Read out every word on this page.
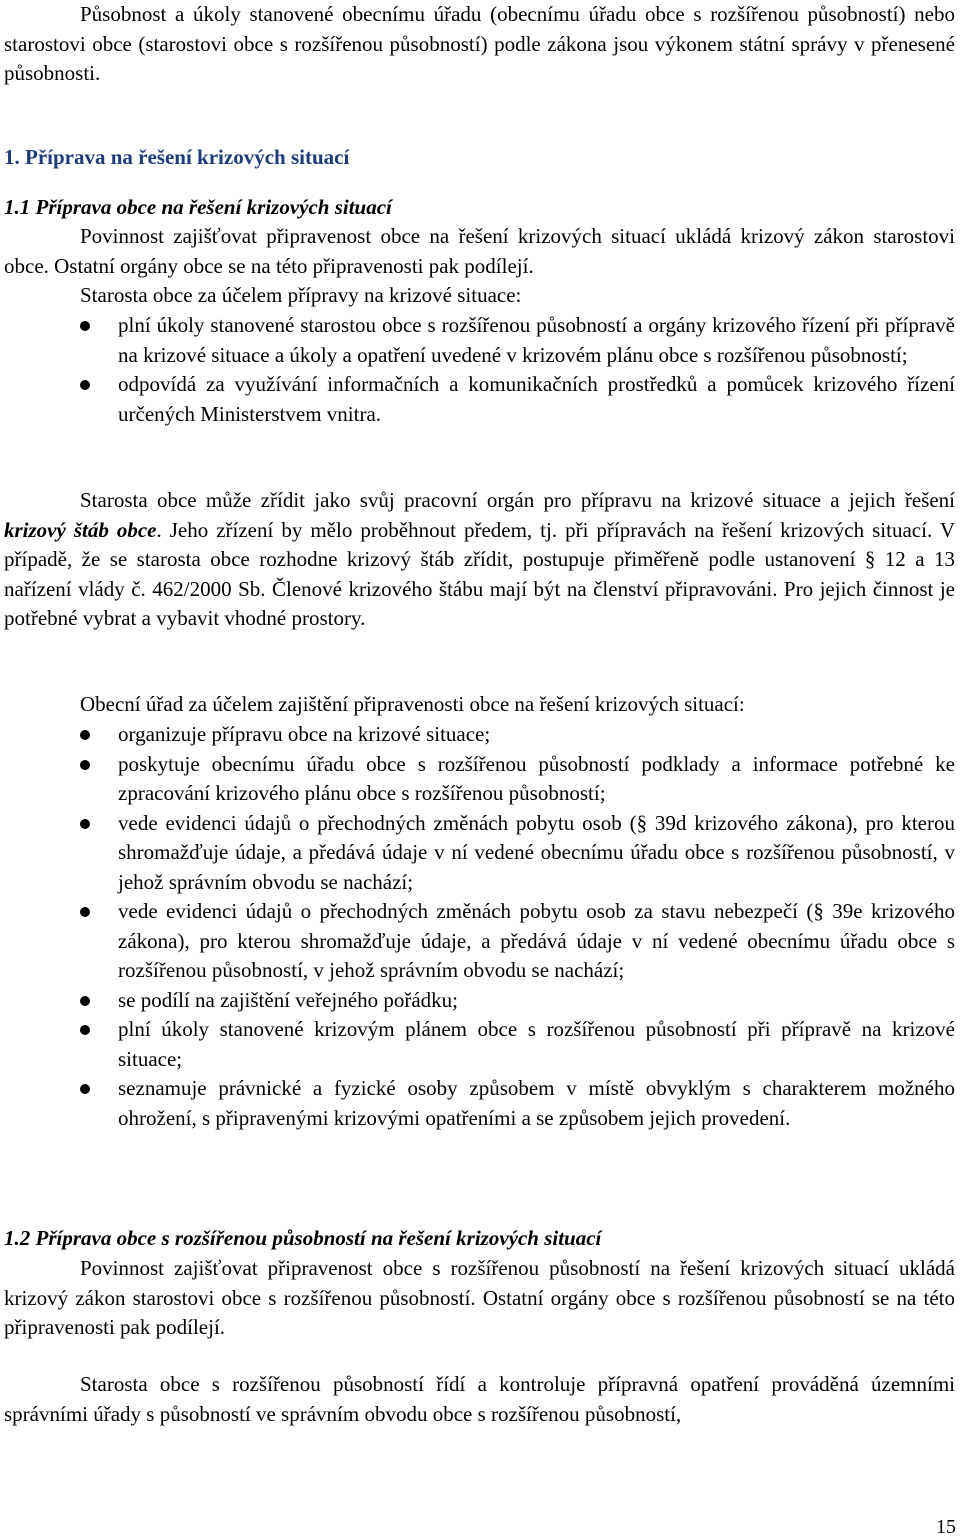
Působnost a úkoly stanovené obecnímu úřadu (obecnímu úřadu obce s rozšířenou působností) nebo starostovi obce (starostovi obce s rozšířenou působností) podle zákona jsou výkonem státní správy v přenesené působnosti.

1. Příprava na řešení krizových situací
1.1 Příprava obce na řešení krizových situací

Povinnost zajišťovat připravenost obce na řešení krizových situací ukládá krizový zákon starostovi obce. Ostatní orgány obce se na této připravenosti pak podílejí.

Starosta obce za účelem přípravy na krizové situace:

plní úkoly stanovené starostou obce s rozšířenou působností a orgány krizového řízení při přípravě na krizové situace a úkoly a opatření uvedené v krizovém plánu obce s rozšířenou působností;
odpovídá za využívání informačních a komunikačních prostředků a pomůcek krizového řízení určených Ministerstvem vnitra.

Starosta obce může zřídit jako svůj pracovní orgán pro přípravu na krizové situace a jejich řešení krizový štáb obce. Jeho zřízení by mělo proběhnout předem, tj. při přípravách na řešení krizových situací. V případě, že se starosta obce rozhodne krizový štáb zřídit, postupuje přiměřeně podle ustanovení § 12 a 13 nařízení vlády č. 462/2000 Sb. Členové krizového štábu mají být na členství připravováni. Pro jejich činnost je potřebné vybrat a vybavit vhodné prostory.

Obecní úřad za účelem zajištění připravenosti obce na řešení krizových situací:

organizuje přípravu obce na krizové situace;
poskytuje obecnímu úřadu obce s rozšířenou působností podklady a informace potřebné ke zpracování krizového plánu obce s rozšířenou působností;
vede evidenci údajů o přechodných změnách pobytu osob (§ 39d krizového zákona), pro kterou shromažďuje údaje, a předává údaje v ní vedené obecnímu úřadu obce s rozšířenou působností, v jehož správním obvodu se nachází;
vede evidenci údajů o přechodných změnách pobytu osob za stavu nebezpečí (§ 39e krizového zákona), pro kterou shromažďuje údaje, a předává údaje v ní vedené obecnímu úřadu obce s rozšířenou působností, v jehož správním obvodu se nachází;
se podílí na zajištění veřejného pořádku;
plní úkoly stanovené krizovým plánem obce s rozšířenou působností při přípravě na krizové situace;
seznamuje právnické a fyzické osoby způsobem v místě obvyklým s charakterem možného ohrožení, s připravenými krizovými opatřeními a se způsobem jejich provedení.
1.2 Příprava obce s rozšířenou působností na řešení krizových situací

Povinnost zajišťovat připravenost obce s rozšířenou působností na řešení krizových situací ukládá krizový zákon starostovi obce s rozšířenou působností. Ostatní orgány obce s rozšířenou působností se na této připravenosti pak podílejí.

Starosta obce s rozšířenou působností řídí a kontroluje přípravná opatření prováděná územními správními úřady s působností ve správním obvodu obce s rozšířenou působností,

15
